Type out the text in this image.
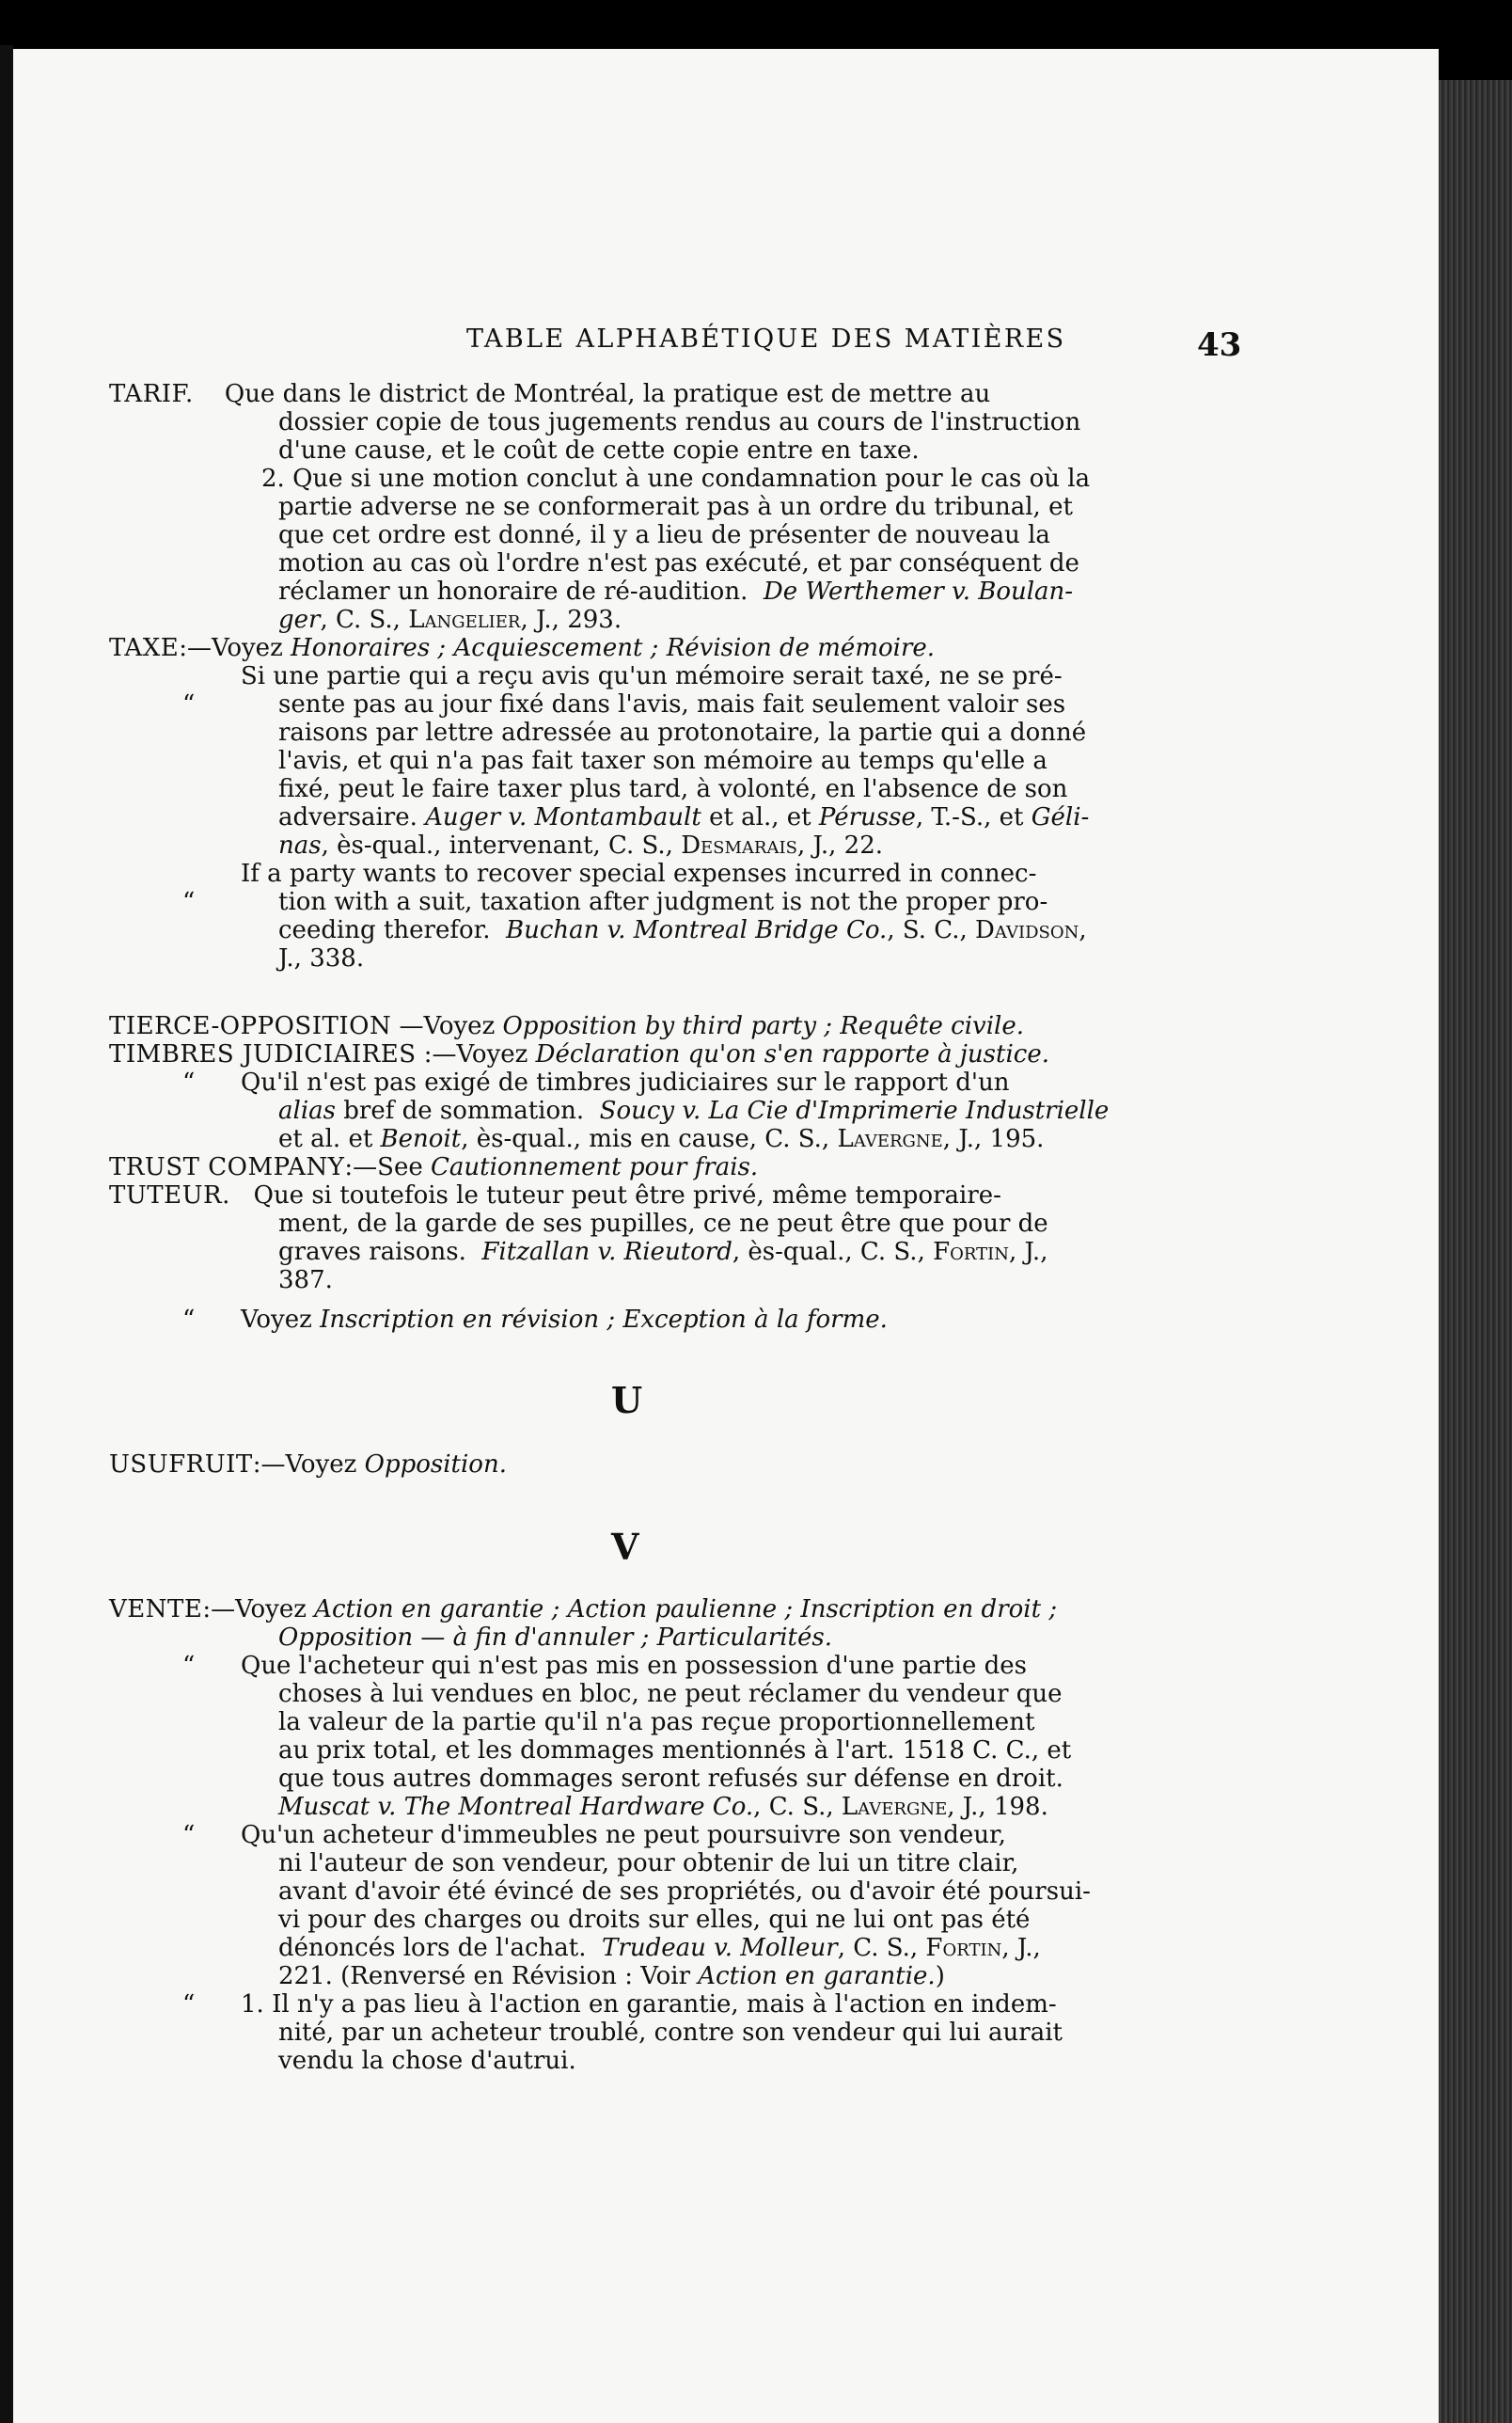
TABLE ALPHABÉTIQUE DES MATIÈRES	43
TARIF. Que dans le district de Montréal, la pratique est de mettre au
dossier copie de tous jugements rendus au cours de l'instruction
d'une cause, et le coût de cette copie entre en taxe.
2. Que si une motion conclut à une condamnation pour le cas où la
partie adverse ne se conformerait pas à un ordre du tribunal, et
que cet ordre est donné, il y a lieu de présenter de nouveau la
motion au cas où l'ordre n'est pas exécuté, et par conséquent de
réclamer un honoraire de ré-audition. De Werthemer v. Boulan-
ger, C. S., Langelier, J., 293.
TAXE:—Voyez Honoraires ; Acquiescement ; Révision de mémoire.
Si une partie qui a reçu avis qu'un mémoire serait taxé, ne se pré-
sente pas au jour fixé dans l'avis, mais fait seulement valoir ses
raisons par lettre adressée au protonotaire, la partie qui a donné
l'avis, et qui n'a pas fait taxer son mémoire au temps qu'elle a
fixé, peut le faire taxer plus tard, à volonté, en l'absence de son
adversaire. Auger v. Montambault et al., et Pérusse, T.-S., et Géli-
nas, ès-qual., intervenant, C. S., Desmarais, J., 22.
If a party wants to recover special expenses incurred in connec-
tion with a suit, taxation after judgment is not the proper pro-
ceeding therefor. Buchan v. Montreal Bridge Co., S. C., Davidson,
J., 338.
“
“
TIERCE-OPPOSITION —Voyez Opposition by third party ; Requête civile.
TIMBRES JUDICIAIRES :—Voyez Déclaration qu'on s'en rapporte à justice.
Qu'il n'est pas exigé de timbres judiciaires sur le rapport d'un
alias bref de sommation. Soucy v. La Cie d'Imprimerie Industrielle
et al. et Benoit, ès-qual., mis en cause, C. S., Lavergne, J., 195.
“
TRUST COMPANY:—See Cautionnement pour frais.
TUTEUR. Que si toutefois le tuteur peut être privé, même temporaire-
ment, de la garde de ses pupilles, ce ne peut être que pour de
graves raisons. Fitzallan v. Rieutord, ès-qual., C. S., Fortin, J.,
387.
Voyez Inscription en révision ; Exception à la forme.
“
U
USUFRUIT:—Voyez Opposition.
V
VENTE:—Voyez Action en garantie ; Action paulienne ; Inscription en droit ;
Opposition — à fin d'annuler ; Particularités.
Que l'acheteur qui n'est pas mis en possession d'une partie des
choses à lui vendues en bloc, ne peut réclamer du vendeur que
la valeur de la partie qu'il n'a pas reçue proportionnellement
au prix total, et les dommages mentionnés à l'art. 1518 C. C., et
que tous autres dommages seront refusés sur défense en droit.
Muscat v. The Montreal Hardware Co., C. S., Lavergne, J., 198.
Qu'un acheteur d'immeubles ne peut poursuivre son vendeur,
ni l'auteur de son vendeur, pour obtenir de lui un titre clair,
avant d'avoir été évincé de ses propriétés, ou d'avoir été poursui-
vi pour des charges ou droits sur elles, qui ne lui ont pas été
dénoncés lors de l'achat. Trudeau v. Molleur, C. S., Fortin, J.,
221. (Renversé en Révision : Voir Action en garantie.)
1. Il n'y a pas lieu à l'action en garantie, mais à l'action en indem-
nité, par un acheteur troublé, contre son vendeur qui lui aurait
vendu la chose d'autrui.
“
“
“
